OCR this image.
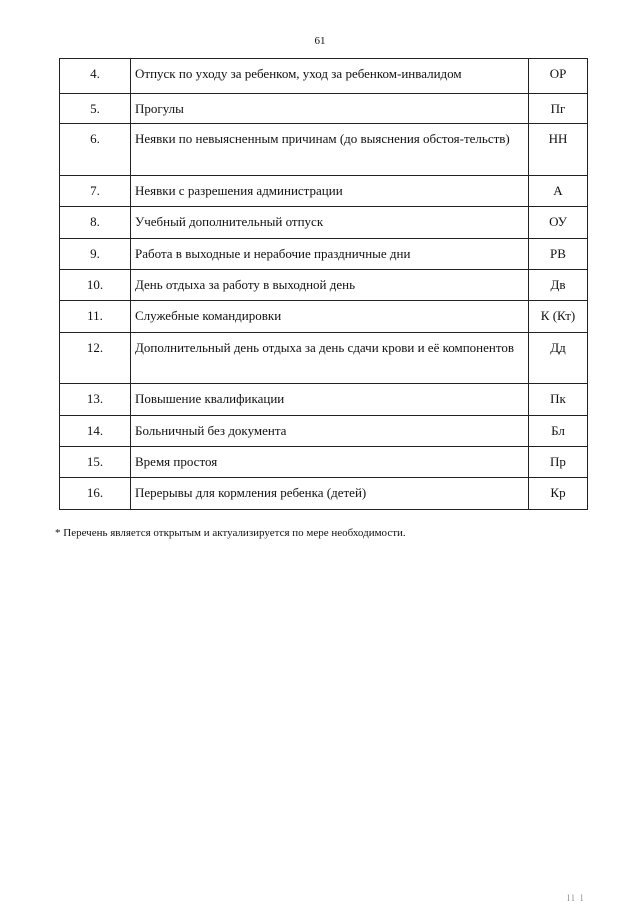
61
4.	Отпуск по уходу за ребенком, уход за ребенком-инвалидом	ОР
5.	Прогулы	Пг
6.	Неявки по невыясненным причинам (до выяснения обстоя-тельств)	НН
7.	Неявки с разрешения администрации	А
8.	Учебный дополнительный отпуск	ОУ
9.	Работа в выходные и нерабочие праздничные дни	РВ
10.	День отдыха за работу в выходной день	Дв
11.	Служебные командировки	К (Кт)
12.	Дополнительный день отдыха за день сдачи крови и её компонентов	Дд
13.	Повышение квалификации	Пк
14.	Больничный без документа	Бл
15.	Время простоя	Пр
16.	Перерывы для кормления ребенка (детей)	Кр
* Перечень является открытым и актуализируется по мере необходимости.
ll l
